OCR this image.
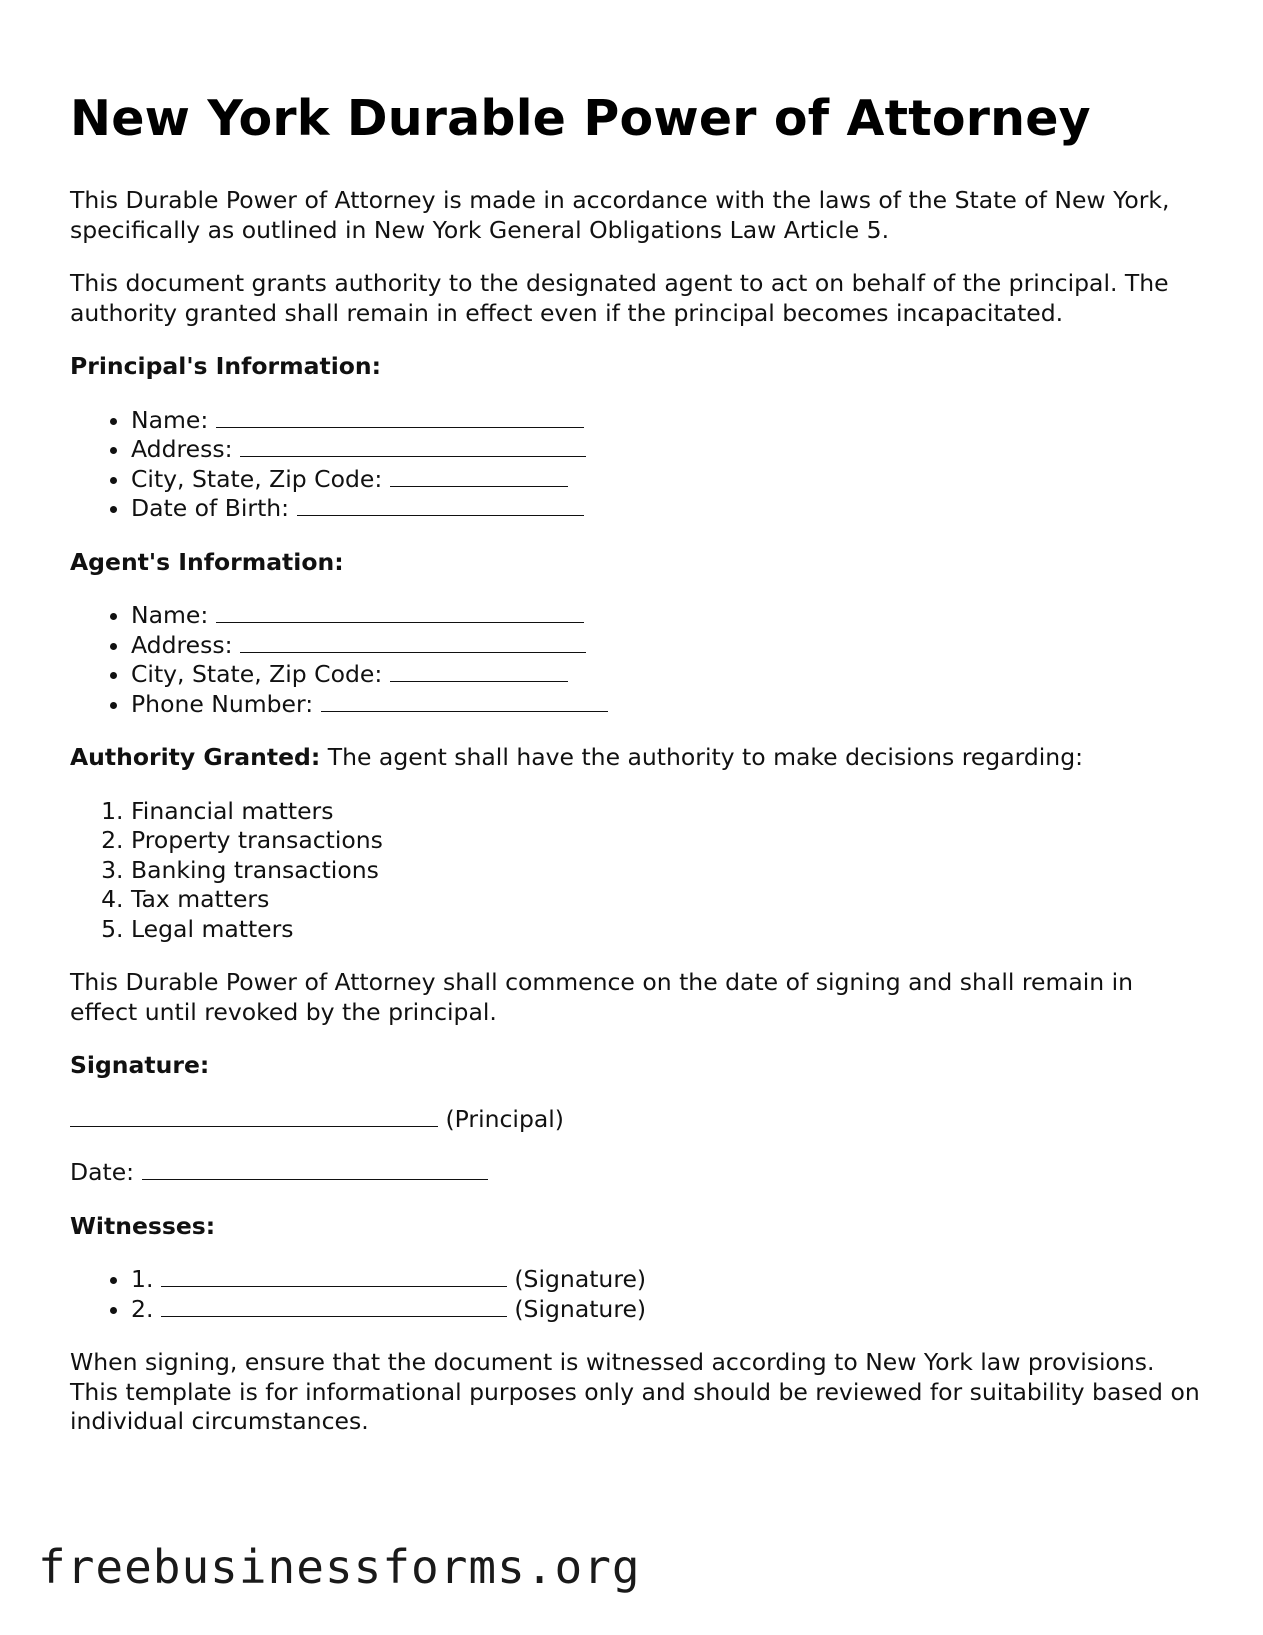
New York Durable Power of Attorney

This Durable Power of Attorney is made in accordance with the laws of the State of New York, specifically as outlined in New York General Obligations Law Article 5.

This document grants authority to the designated agent to act on behalf of the principal. The authority granted shall remain in effect even if the principal becomes incapacitated.

Principal's Information:

• Name:
• Address:
• City, State, Zip Code:
• Date of Birth:

Agent's Information:

• Name:
• Address:
• City, State, Zip Code:
• Phone Number:

Authority Granted: The agent shall have the authority to make decisions regarding:

1. Financial matters
2. Property transactions
3. Banking transactions
4. Tax matters
5. Legal matters

This Durable Power of Attorney shall commence on the date of signing and shall remain in effect until revoked by the principal.

Signature:

(Principal)

Date:

Witnesses:

• 1.	(Signature)
• 2.	(Signature)

When signing, ensure that the document is witnessed according to New York law provisions. This template is for informational purposes only and should be reviewed for suitability based on individual circumstances.

freebusinessforms.org
